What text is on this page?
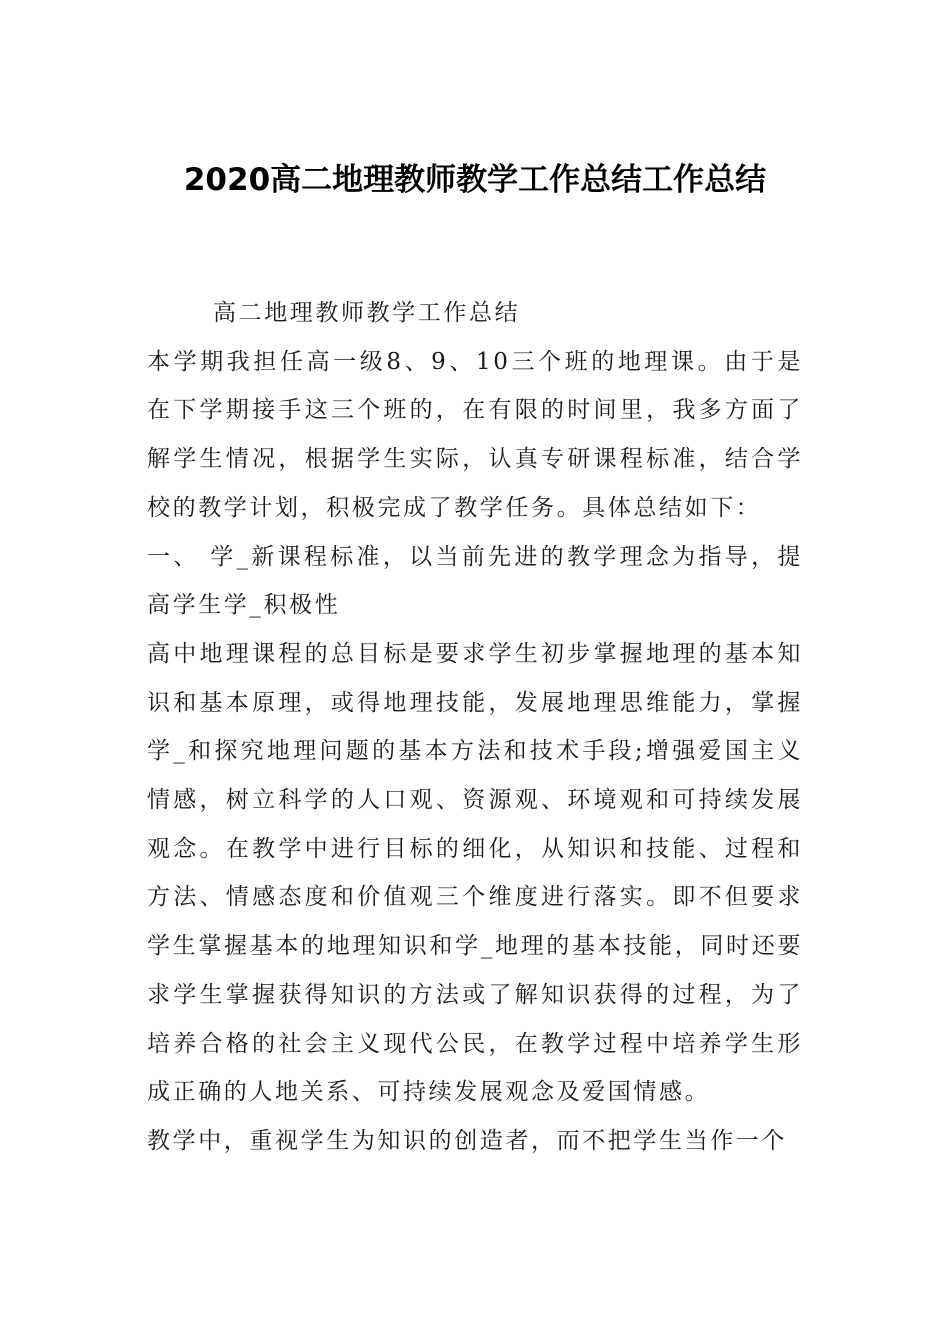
2020高二地理教师教学工作总结工作总结

高二地理教师教学工作总结

本学期我担任高一级8、9、10三个班的地理课。由于是在下学期接手这三个班的，在有限的时间里，我多方面了解学生情况，根据学生实际，认真专研课程标准，结合学校的教学计划，积极完成了教学任务。具体总结如下：

一、 学_新课程标准，以当前先进的教学理念为指导，提高学生学_积极性

高中地理课程的总目标是要求学生初步掌握地理的基本知识和基本原理，或得地理技能，发展地理思维能力，掌握学_和探究地理问题的基本方法和技术手段;增强爱国主义情感，树立科学的人口观、资源观、环境观和可持续发展观念。在教学中进行目标的细化，从知识和技能、过程和方法、情感态度和价值观三个维度进行落实。即不但要求学生掌握基本的地理知识和学_地理的基本技能，同时还要求学生掌握获得知识的方法或了解知识获得的过程，为了培养合格的社会主义现代公民，在教学过程中培养学生形成正确的人地关系、可持续发展观念及爱国情感。

教学中，重视学生为知识的创造者，而不把学生当作一个
